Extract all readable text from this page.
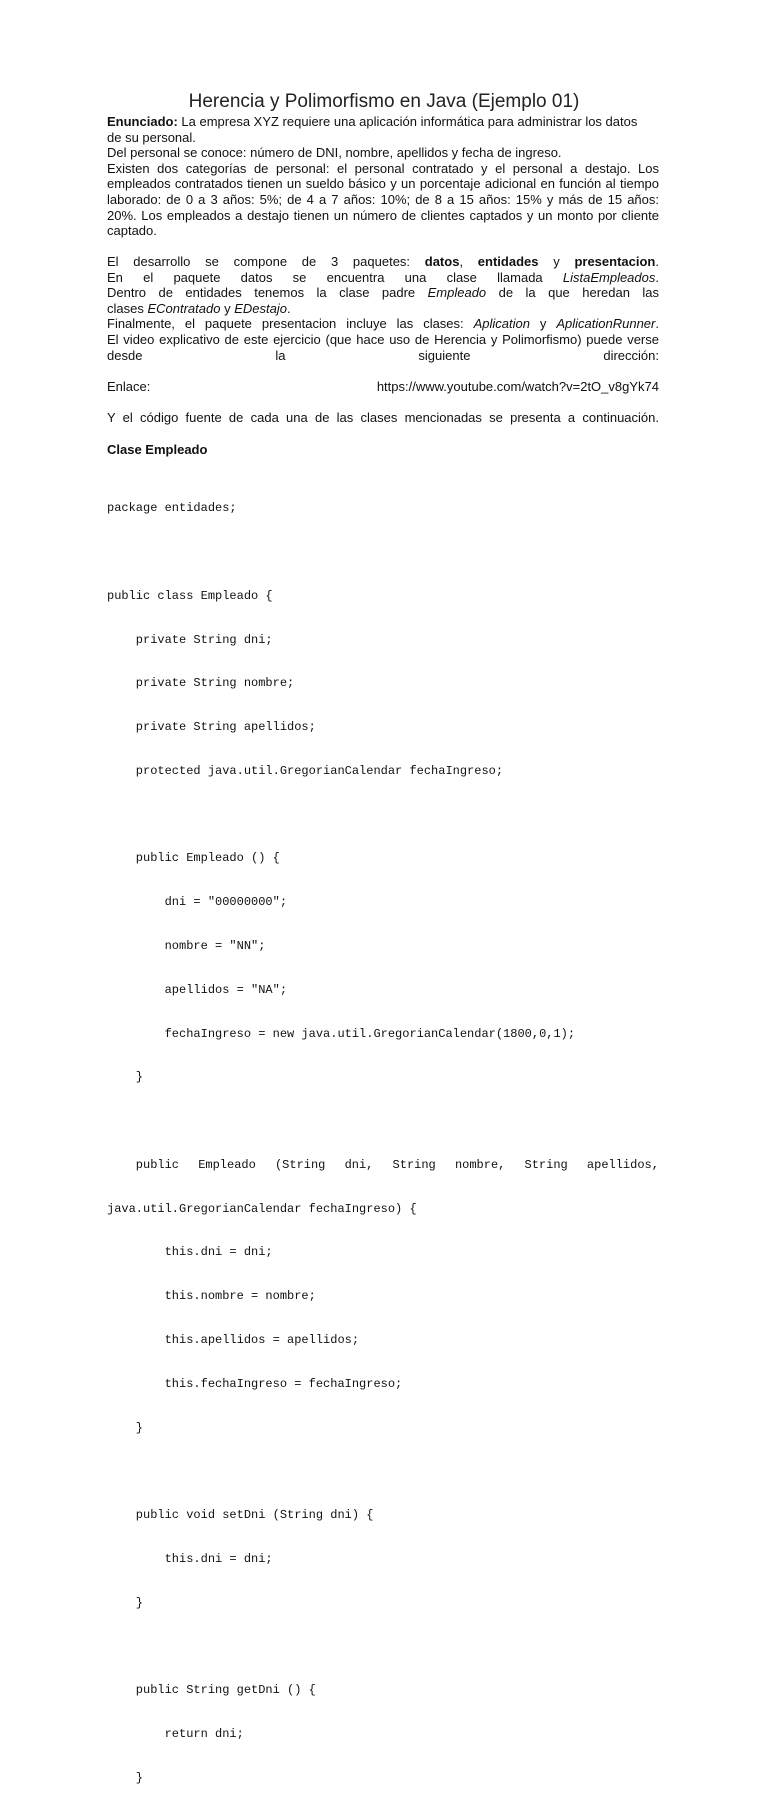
Herencia y Polimorfismo en Java (Ejemplo 01)
Enunciado: La empresa XYZ requiere una aplicación informática para administrar los datos
de su personal.
Del personal se conoce: número de DNI, nombre, apellidos y fecha de ingreso.
Existen dos categorías de personal: el personal contratado y el personal a destajo. Los
empleados contratados tienen un sueldo básico y un porcentaje adicional en función al tiempo
laborado: de 0 a 3 años: 5%; de 4 a 7 años: 10%; de 8 a 15 años: 15% y más de 15 años:
20%. Los empleados a destajo tienen un número de clientes captados y un monto por cliente
captado.
El desarrollo se compone de 3 paquetes: datos, entidades y presentacion.
En el paquete datos se encuentra una clase llamada ListaEmpleados.
Dentro de entidades tenemos la clase padre Empleado de la que heredan las
clases EContratado y EDestajo.
Finalmente, el paquete presentacion incluye las clases: Aplication y AplicationRunner.
El video explicativo de este ejercicio (que hace uso de Herencia y Polimorfismo) puede verse
desde la siguiente dirección:
Enlace:	https://www.youtube.com/watch?v=2tO_v8gYk74
Y el código fuente de cada una de las clases mencionadas se presenta a continuación.
Clase Empleado

package entidades;

public class Empleado {

private String dni;

private String nombre;

private String apellidos;

protected java.util.GregorianCalendar fechaIngreso;

public Empleado () {

dni = "00000000";

nombre = "NN";

apellidos = "NA";

fechaIngreso = new java.util.GregorianCalendar(1800,0,1);

}

public Empleado (String dni, String nombre, String apellidos,

java.util.GregorianCalendar fechaIngreso) {

this.dni = dni;

this.nombre = nombre;

this.apellidos = apellidos;

this.fechaIngreso = fechaIngreso;

}

public void setDni (String dni) {

this.dni = dni;

}

public String getDni () {

return dni;

}
